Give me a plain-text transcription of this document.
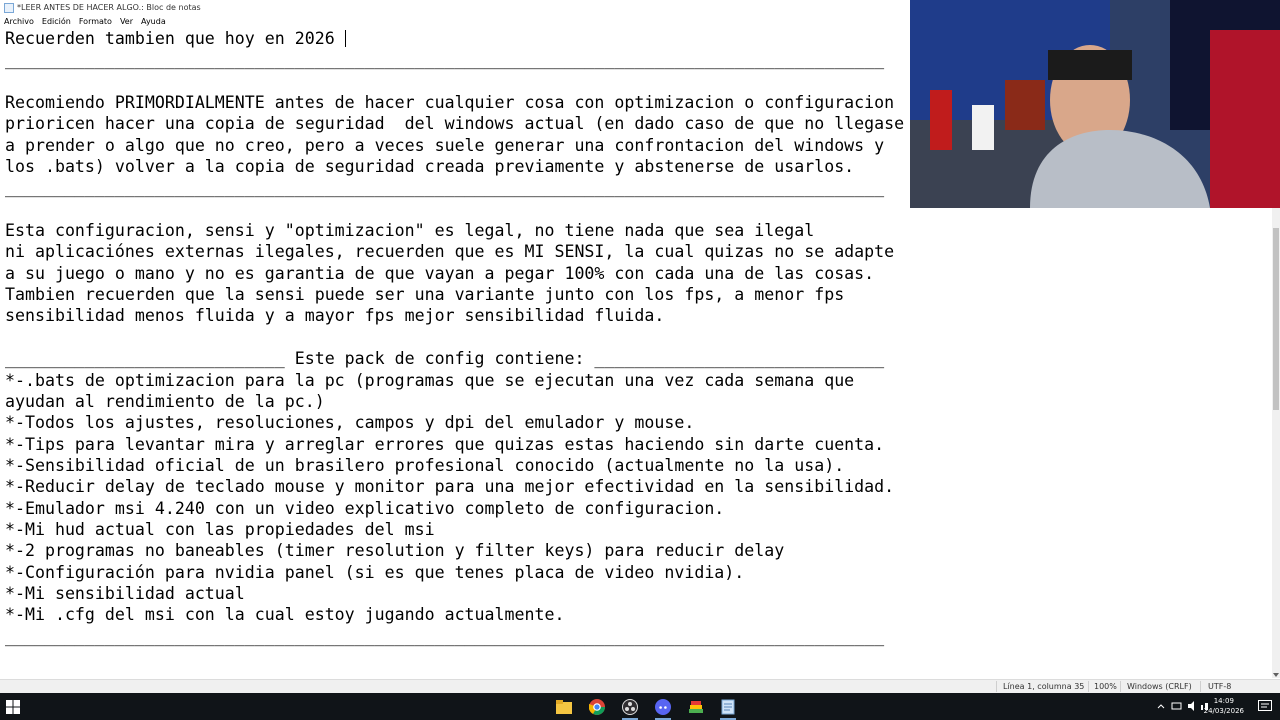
*LEER ANTES DE HACER ALGO.: Bloc de notas
Archivo Edición Formato Ver Ayuda
Recuerden tambien que hoy en 2026
________________________________________________________________________________________

Recomiendo PRIMORDIALMENTE antes de hacer cualquier cosa con optimizacion o configuracion
prioricen hacer una copia de seguridad  del windows actual (en dado caso de que no llegase
a prender o algo que no creo, pero a veces suele generar una confrontacion del windows y
los .bats) volver a la copia de seguridad creada previamente y abstenerse de usarlos.
________________________________________________________________________________________

Esta configuracion, sensi y "optimizacion" es legal, no tiene nada que sea ilegal
ni aplicaciónes externas ilegales, recuerden que es MI SENSI, la cual quizas no se adapte
a su juego o mano y no es garantia de que vayan a pegar 100% con cada una de las cosas.
Tambien recuerden que la sensi puede ser una variante junto con los fps, a menor fps
sensibilidad menos fluida y a mayor fps mejor sensibilidad fluida.

____________________________ Este pack de config contiene: _____________________________
*-.bats de optimizacion para la pc (programas que se ejecutan una vez cada semana que
ayudan al rendimiento de la pc.)
*-Todos los ajustes, resoluciones, campos y dpi del emulador y mouse.
*-Tips para levantar mira y arreglar errores que quizas estas haciendo sin darte cuenta.
*-Sensibilidad oficial de un brasilero profesional conocido (actualmente no la usa).
*-Reducir delay de teclado mouse y monitor para una mejor efectividad en la sensibilidad.
*-Emulador msi 4.240 con un video explicativo completo de configuracion.
*-Mi hud actual con las propiedades del msi
*-2 programas no baneables (timer resolution y filter keys) para reducir delay
*-Configuración para nvidia panel (si es que tenes placa de video nvidia).
*-Mi sensibilidad actual
*-Mi .cfg del msi con la cual estoy jugando actualmente.
________________________________________________________________________________________
Línea 1, columna 35 100% Windows (CRLF) UTF-8
14:09
24/03/2026
